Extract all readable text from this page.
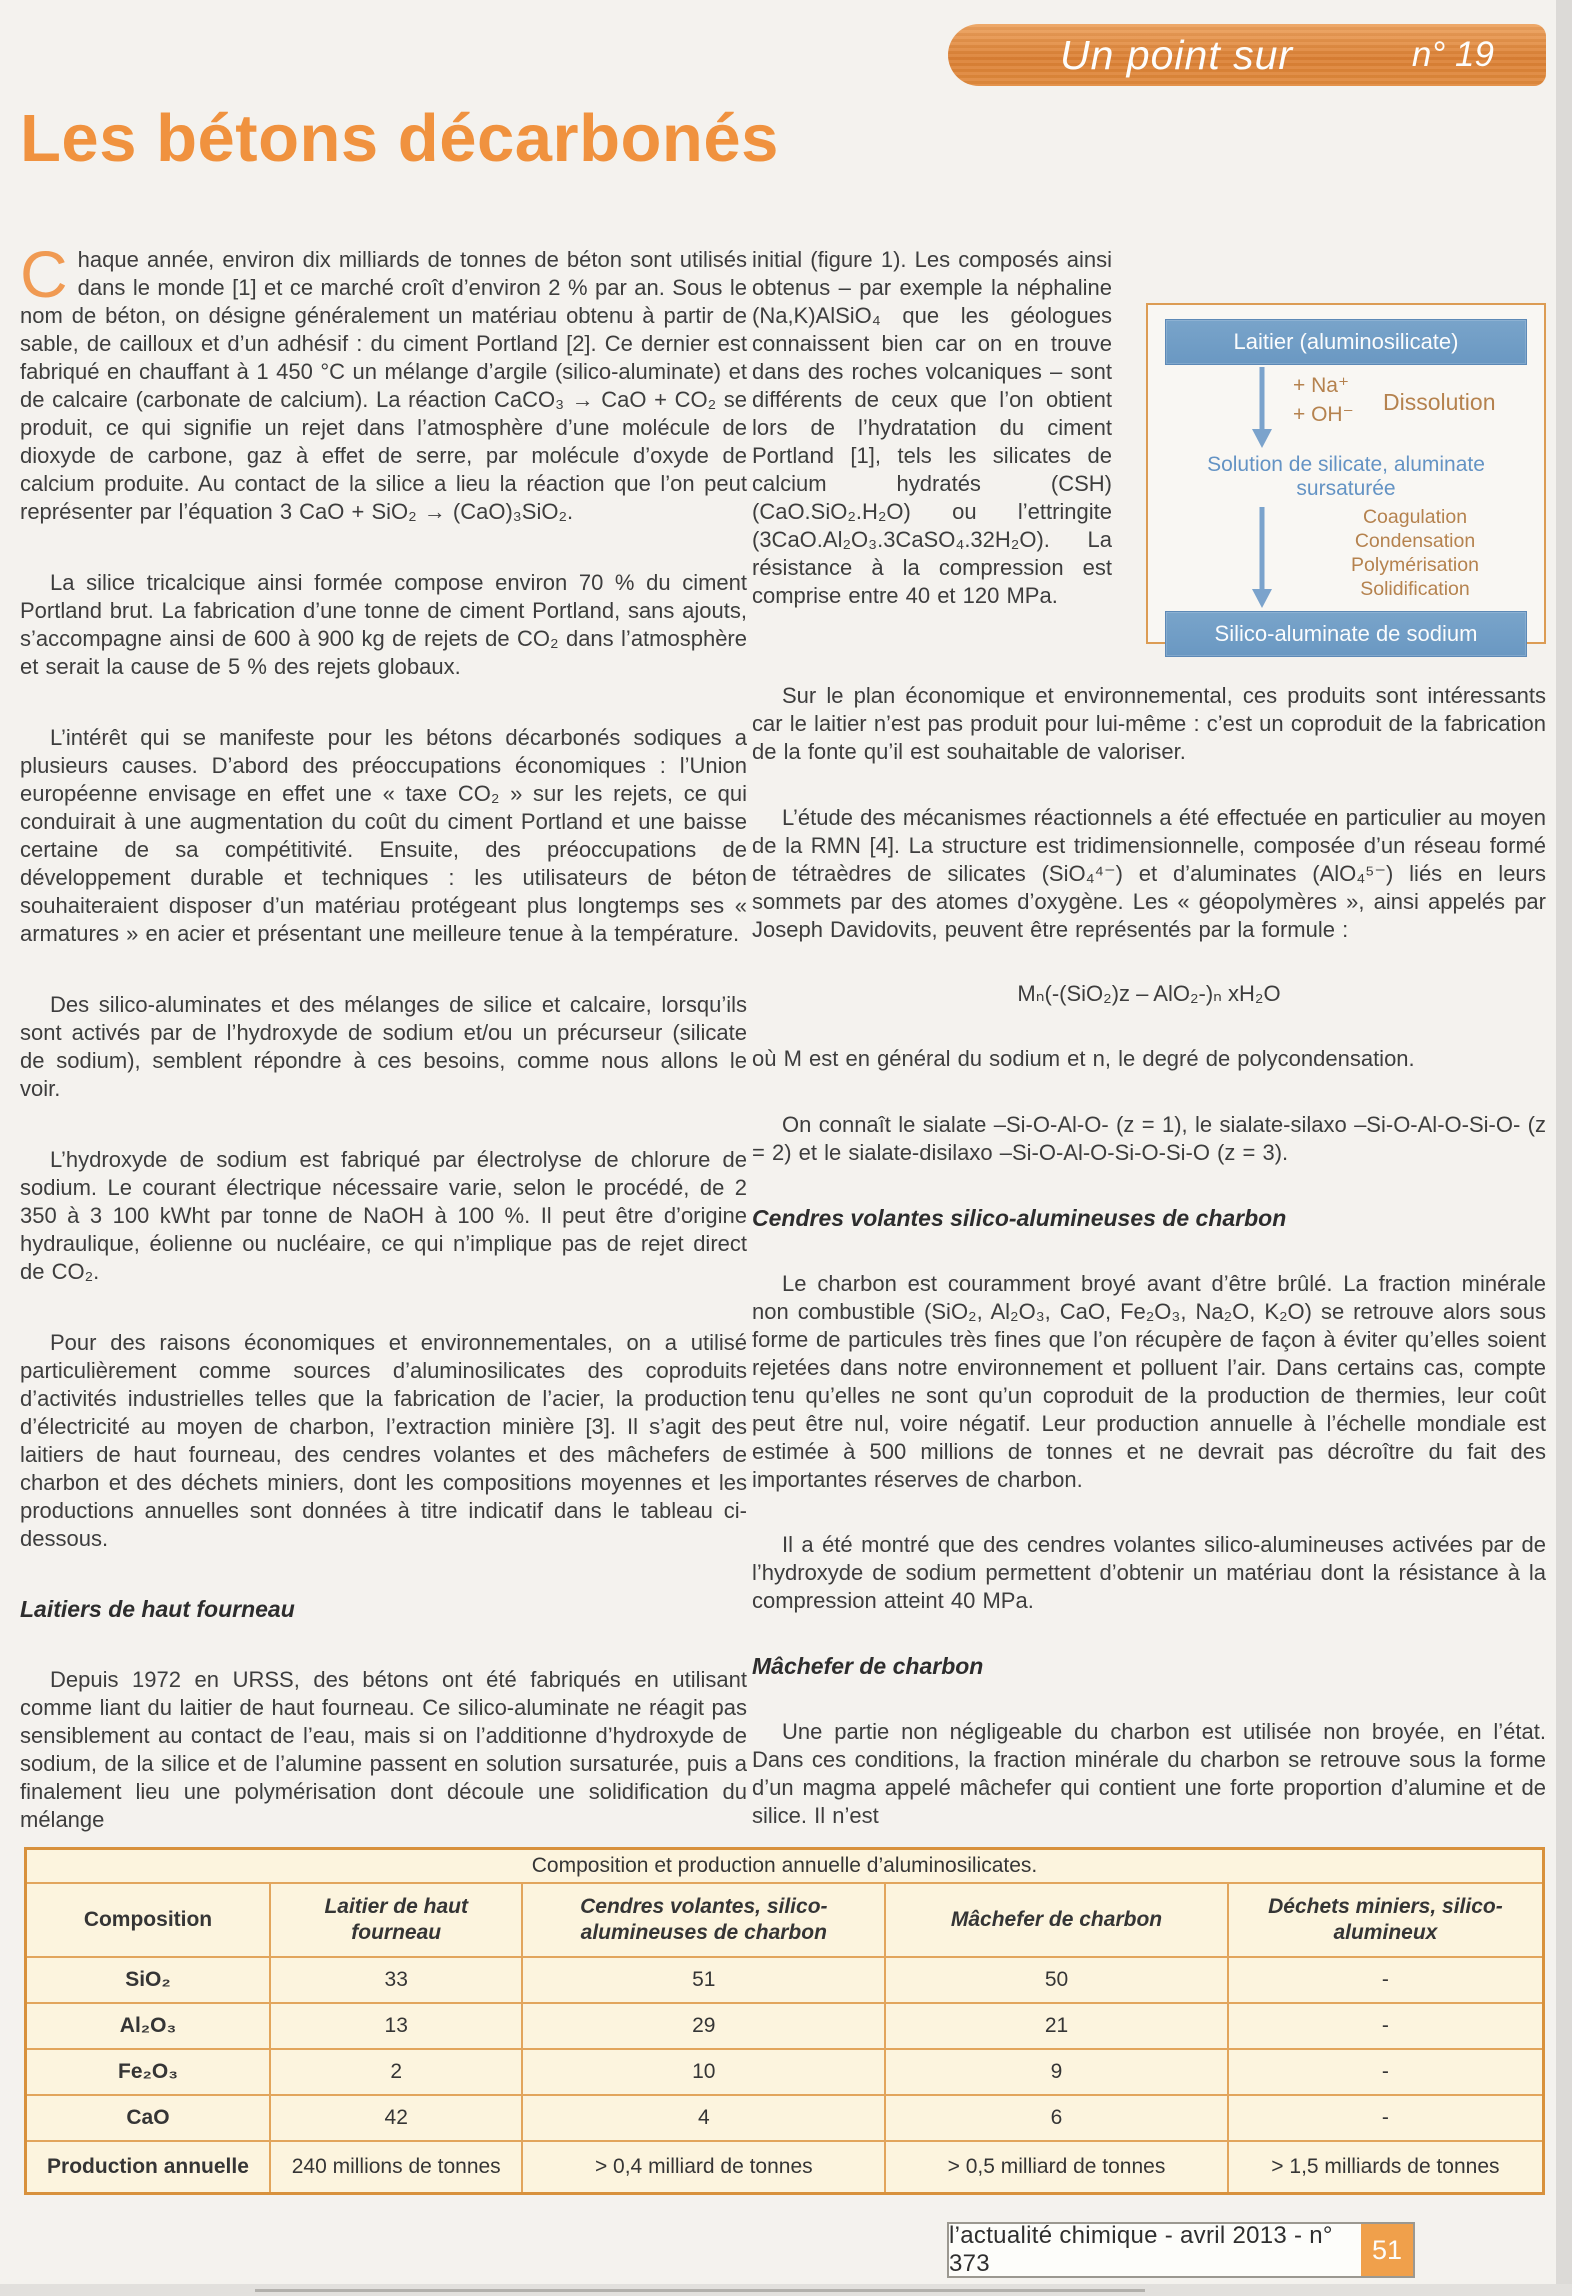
Un point sur	n° 19
Les bétons décarbonés

Chaque année, environ dix milliards de tonnes de béton sont utilisés dans le monde [1] et ce marché croît d’environ 2 % par an. Sous le nom de béton, on désigne généralement un matériau obtenu à partir de sable, de cailloux et d’un adhésif : du ciment Portland [2]. Ce dernier est fabriqué en chauffant à 1 450 °C un mélange d’argile (silico-aluminate) et de calcaire (carbonate de calcium). La réaction CaCO₃ → CaO + CO₂ se produit, ce qui signifie un rejet dans l’atmosphère d’une molécule de dioxyde de carbone, gaz à effet de serre, par molécule d’oxyde de calcium produite. Au contact de la silice a lieu la réaction que l’on peut représenter par l’équation 3 CaO + SiO₂ → (CaO)₃SiO₂.

La silice tricalcique ainsi formée compose environ 70 % du ciment Portland brut. La fabrication d’une tonne de ciment Portland, sans ajouts, s’accompagne ainsi de 600 à 900 kg de rejets de CO₂ dans l’atmosphère et serait la cause de 5 % des rejets globaux.

L’intérêt qui se manifeste pour les bétons décarbonés sodiques a plusieurs causes. D’abord des préoccupations économiques : l’Union européenne envisage en effet une « taxe CO₂ » sur les rejets, ce qui conduirait à une augmentation du coût du ciment Portland et une baisse certaine de sa compétitivité. Ensuite, des préoccupations de développement durable et techniques : les utilisateurs de béton souhaiteraient disposer d’un matériau protégeant plus longtemps ses « armatures » en acier et présentant une meilleure tenue à la température.

Des silico-aluminates et des mélanges de silice et calcaire, lorsqu’ils sont activés par de l’hydroxyde de sodium et/ou un précurseur (silicate de sodium), semblent répondre à ces besoins, comme nous allons le voir.

L’hydroxyde de sodium est fabriqué par électrolyse de chlorure de sodium. Le courant électrique nécessaire varie, selon le procédé, de 2 350 à 3 100 kWht par tonne de NaOH à 100 %. Il peut être d’origine hydraulique, éolienne ou nucléaire, ce qui n’implique pas de rejet direct de CO₂.

Pour des raisons économiques et environnementales, on a utilisé particulièrement comme sources d’aluminosilicates des coproduits d’activités industrielles telles que la fabrication de l’acier, la production d’électricité au moyen de charbon, l’extraction minière [3]. Il s’agit des laitiers de haut fourneau, des cendres volantes et des mâchefers de charbon et des déchets miniers, dont les compositions moyennes et les productions annuelles sont données à titre indicatif dans le tableau ci-dessous.

Laitiers de haut fourneau

Depuis 1972 en URSS, des bétons ont été fabriqués en utilisant comme liant du laitier de haut fourneau. Ce silico-aluminate ne réagit pas sensiblement au contact de l’eau, mais si on l’additionne d’hydroxyde de sodium, de la silice et de l’alumine passent en solution sursaturée, puis a finalement lieu une polymérisation dont découle une solidification du mélange

initial (figure 1). Les composés ainsi obtenus – par exemple la néphaline (Na,K)AlSiO₄ que les géologues connaissent bien car on en trouve dans des roches volcaniques – sont différents de ceux que l’on obtient lors de l’hydratation du ciment Portland [1], tels les silicates de calcium hydratés (CSH) (CaO.SiO₂.H₂O) ou l’ettringite (3CaO.Al₂O₃.3CaSO₄.32H₂O). La résistance à la compression est comprise entre 40 et 120 MPa.

Laitier (aluminosilicate)
+ Na⁺
+ OH⁻ Dissolution
Solution de silicate, aluminate sursaturée
Coagulation
Condensation
Polymérisation
Solidification
Silico-aluminate de sodium

Sur le plan économique et environnemental, ces produits sont intéressants car le laitier n’est pas produit pour lui-même : c’est un coproduit de la fabrication de la fonte qu’il est souhaitable de valoriser.

L’étude des mécanismes réactionnels a été effectuée en particulier au moyen de la RMN [4]. La structure est tridimensionnelle, composée d’un réseau formé de tétraèdres de silicates (SiO₄⁴⁻) et d’aluminates (AlO₄⁵⁻) liés en leurs sommets par des atomes d’oxygène. Les « géopolymères », ainsi appelés par Joseph Davidovits, peuvent être représentés par la formule :

Mₙ(-(SiO₂)z – AlO₂-)ₙ xH₂O

où M est en général du sodium et n, le degré de polycondensation.

On connaît le sialate –Si-O-Al-O- (z = 1), le sialate-silaxo –Si-O-Al-O-Si-O- (z = 2) et le sialate-disilaxo –Si-O-Al-O-Si-O-Si-O (z = 3).

Cendres volantes silico-alumineuses de charbon

Le charbon est couramment broyé avant d’être brûlé. La fraction minérale non combustible (SiO₂, Al₂O₃, CaO, Fe₂O₃, Na₂O, K₂O) se retrouve alors sous forme de particules très fines que l’on récupère de façon à éviter qu’elles soient rejetées dans notre environnement et polluent l’air. Dans certains cas, compte tenu qu’elles ne sont qu’un coproduit de la production de thermies, leur coût peut être nul, voire négatif. Leur production annuelle à l’échelle mondiale est estimée à 500 millions de tonnes et ne devrait pas décroître du fait des importantes réserves de charbon.

Il a été montré que des cendres volantes silico-alumineuses activées par de l’hydroxyde de sodium permettent d’obtenir un matériau dont la résistance à la compression atteint 40 MPa.

Mâchefer de charbon

Une partie non négligeable du charbon est utilisée non broyée, en l’état. Dans ces conditions, la fraction minérale du charbon se retrouve sous la forme d’un magma appelé mâchefer qui contient une forte proportion d’alumine et de silice. Il n’est

Composition et production annuelle d’aluminosilicates.				
Composition	Laitier de haut fourneau	Cendres volantes, silico-alumineuses de charbon	Mâchefer de charbon	Déchets miniers, silico-alumineux
SiO₂	33	51	50	-
Al₂O₃	13	29	21	-
Fe₂O₃	2	10	9	-
CaO	42	4	6	-
Production annuelle	240 millions de tonnes	> 0,4 milliard de tonnes	> 0,5 milliard de tonnes	> 1,5 milliards de tonnes
l’actualité chimique - avril 2013 - n° 373	51
